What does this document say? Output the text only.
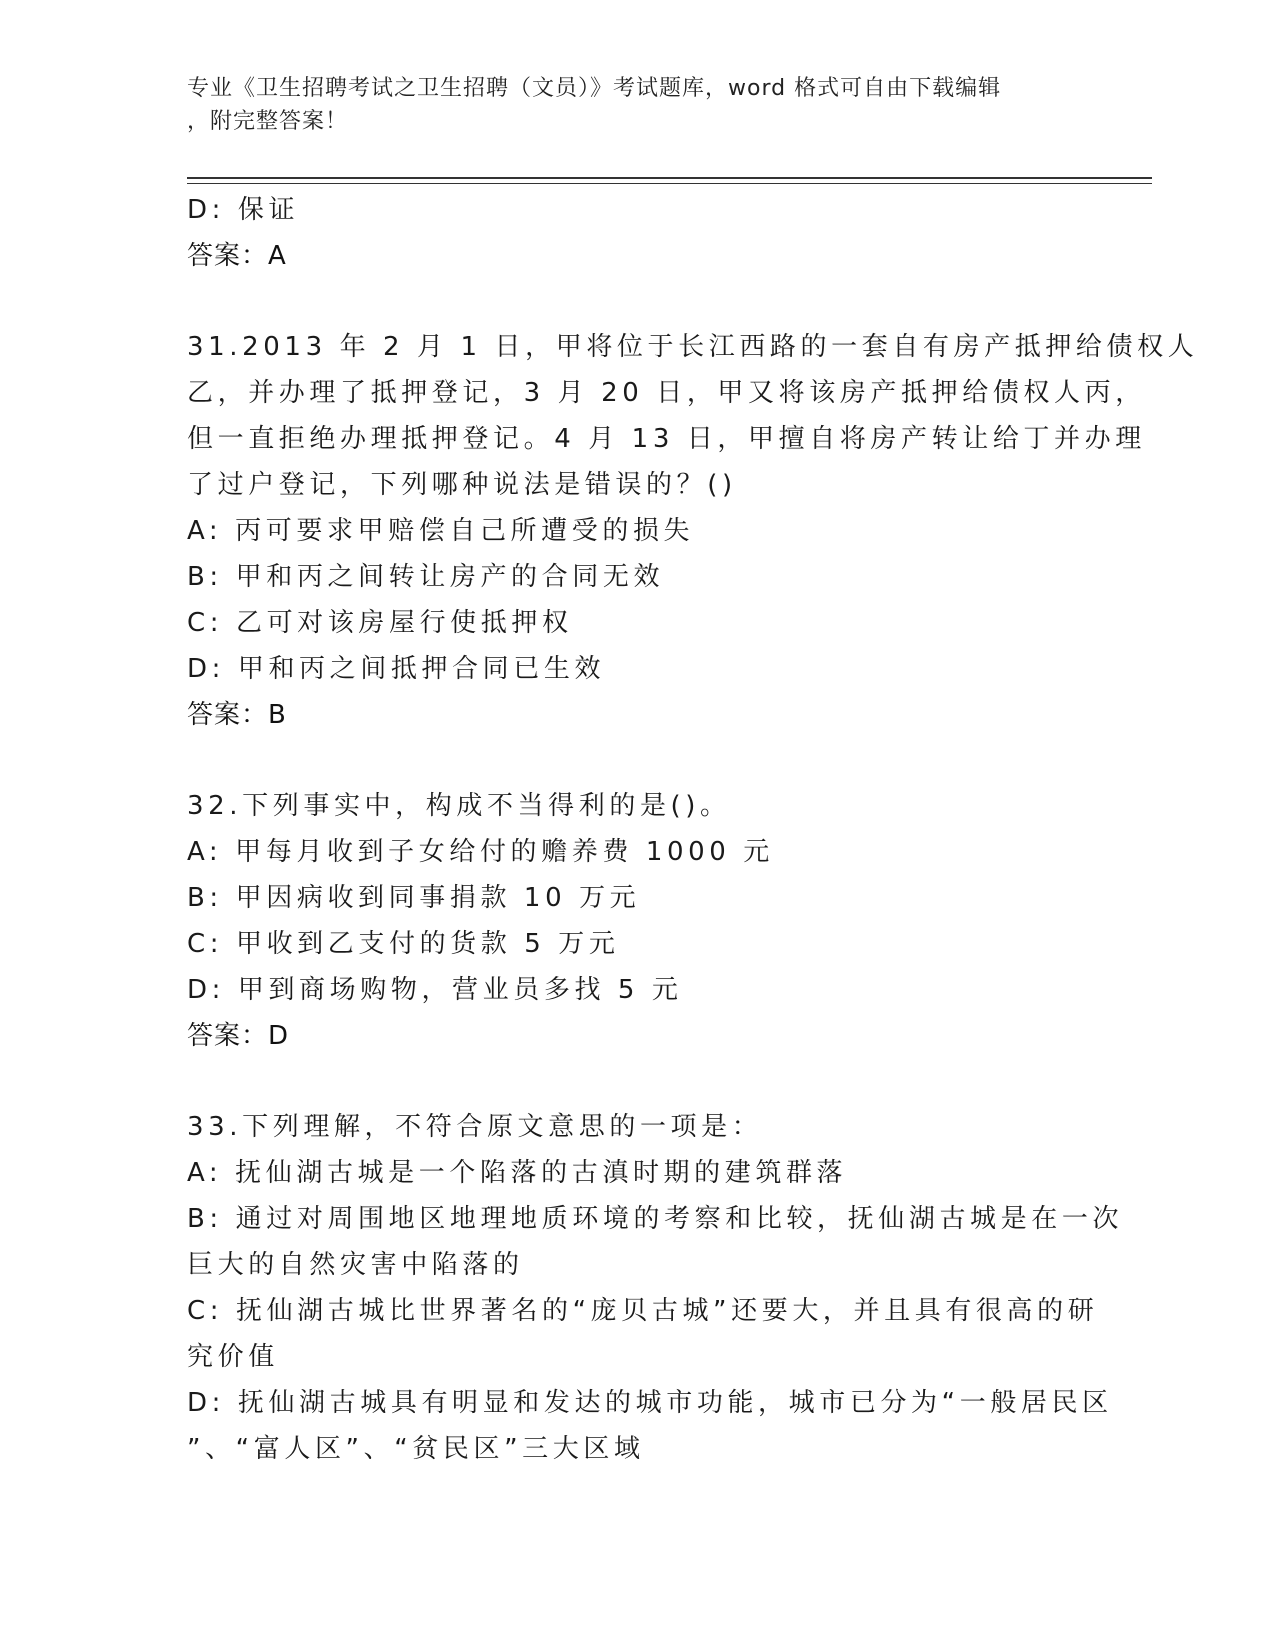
专业《卫生招聘考试之卫生招聘（文员）》考试题库，word 格式可自由下载编辑
，附完整答案！
D: 保证
答案：A
31.2013 年 2 月 1 日，甲将位于长江西路的一套自有房产抵押给债权人
乙，并办理了抵押登记，3 月 20 日，甲又将该房产抵押给债权人丙，
但一直拒绝办理抵押登记。4 月 13 日，甲擅自将房产转让给丁并办理
了过户登记，下列哪种说法是错误的？()
A: 丙可要求甲赔偿自己所遭受的损失
B: 甲和丙之间转让房产的合同无效
C: 乙可对该房屋行使抵押权
D: 甲和丙之间抵押合同已生效
答案：B
32.下列事实中，构成不当得利的是()。
A: 甲每月收到子女给付的赡养费 1000 元
B: 甲因病收到同事捐款 10 万元
C: 甲收到乙支付的货款 5 万元
D: 甲到商场购物，营业员多找 5 元
答案：D
33.下列理解，不符合原文意思的一项是：
A: 抚仙湖古城是一个陷落的古滇时期的建筑群落
B: 通过对周围地区地理地质环境的考察和比较，抚仙湖古城是在一次
巨大的自然灾害中陷落的
C: 抚仙湖古城比世界著名的“庞贝古城”还要大，并且具有很高的研
究价值
D: 抚仙湖古城具有明显和发达的城市功能，城市已分为“一般居民区
”、“富人区”、“贫民区”三大区域
